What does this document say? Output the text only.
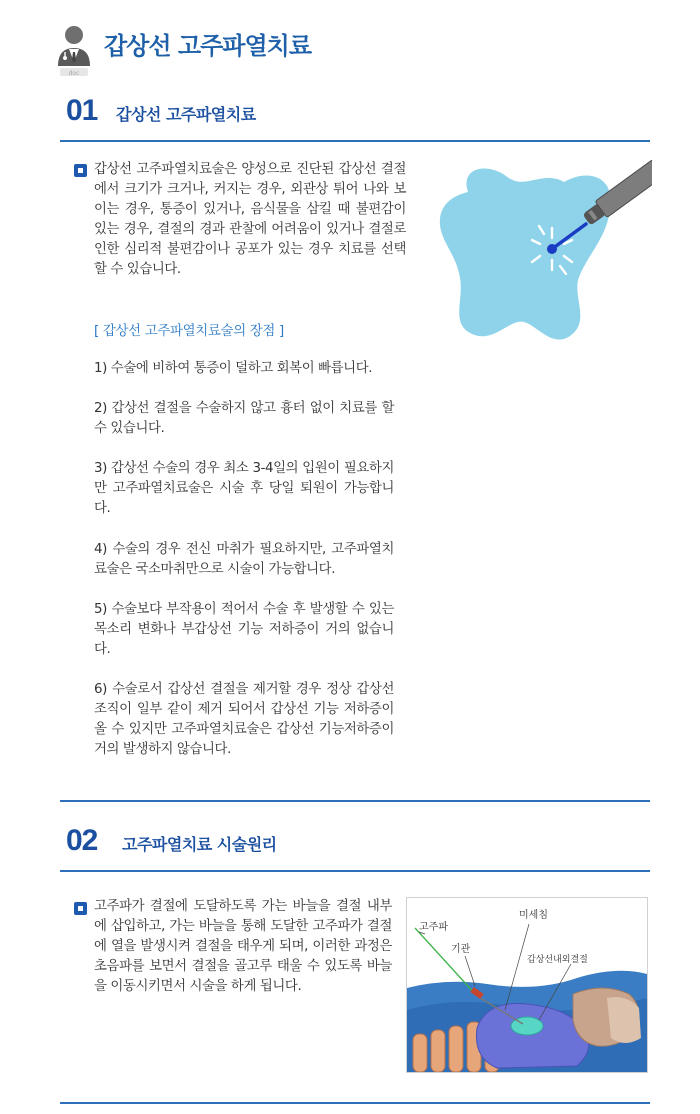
doc
갑상선 고주파열치료
01 갑상선 고주파열치료
갑상선 고주파열치료술은 양성으로 진단된 갑상선 결절에서 크기가 크거나, 커지는 경우, 외관상 튀어 나와 보이는 경우, 통증이 있거나, 음식물을 삼킬 때 불편감이 있는 경우, 결절의 경과 관찰에 어려움이 있거나 결절로 인한 심리적 불편감이나 공포가 있는 경우 치료를 선택할 수 있습니다.
[ 갑상선 고주파열치료술의 장점 ]
1) 수술에 비하여 통증이 덜하고 회복이 빠릅니다.
2) 갑상선 결절을 수술하지 않고 흉터 없이 치료를 할 수 있습니다.
3) 갑상선 수술의 경우 최소 3-4일의 입원이 필요하지만 고주파열치료술은 시술 후 당일 퇴원이 가능합니다.
4) 수술의 경우 전신 마취가 필요하지만, 고주파열치료술은 국소마취만으로 시술이 가능합니다.
5) 수술보다 부작용이 적어서 수술 후 발생할 수 있는 목소리 변화나 부갑상선 기능 저하증이 거의 없습니다.
6) 수술로서 갑상선 결절을 제거할 경우 정상 갑상선 조직이 일부 같이 제거 되어서 갑상선 기능 저하증이 올 수 있지만 고주파열치료술은 갑상선 기능저하증이 거의 발생하지 않습니다.
02 고주파열치료 시술원리
고주파가 결절에 도달하도록 가는 바늘을 결절 내부에 삽입하고, 가는 바늘을 통해 도달한 고주파가 결절에 열을 발생시켜 결절을 태우게 되며, 이러한 과정은 초음파를 보면서 결절을 골고루 태울 수 있도록 바늘을 이동시키면서 시술을 하게 됩니다.
미세침
고주파
기관
갑상선내외결절
